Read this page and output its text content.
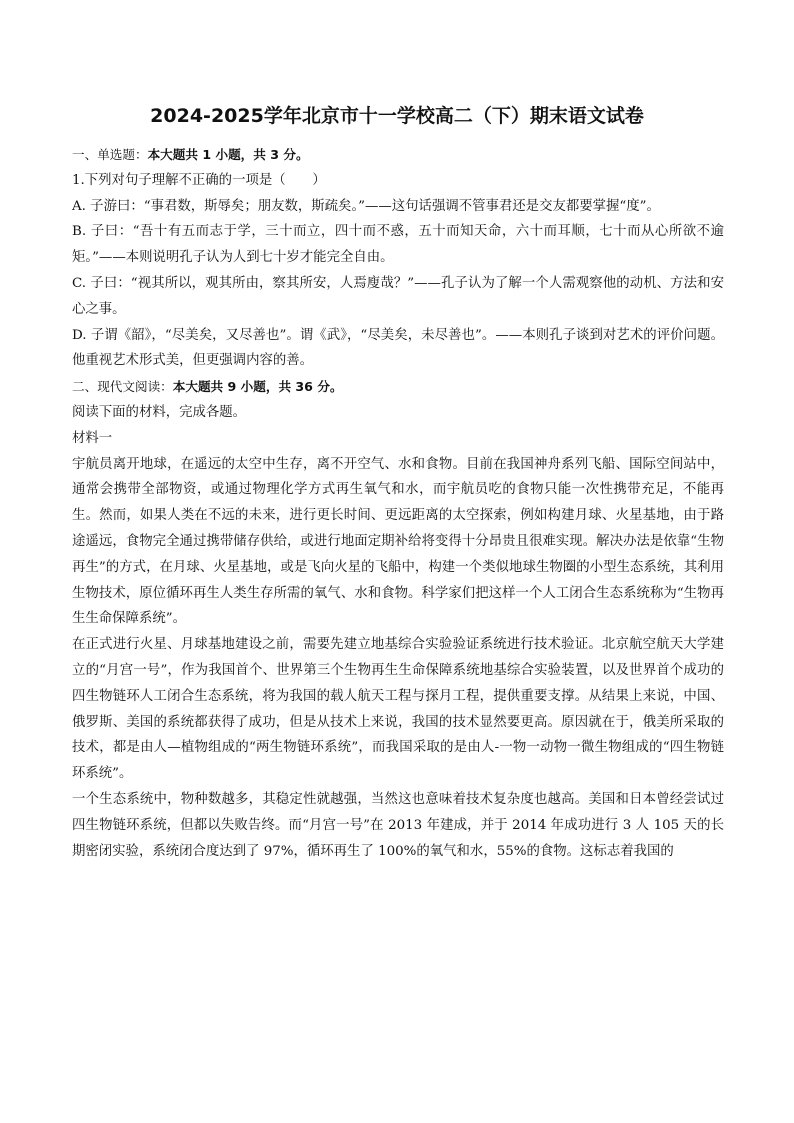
2024-2025学年北京市十一学校高二（下）期末语文试卷

一、单选题：本大题共 1 小题，共 3 分。

1.下列对句子理解不正确的一项是（　　）

A. 子游曰：“事君数，斯辱矣；朋友数，斯疏矣。”——这句话强调不管事君还是交友都要掌握“度”。

B. 子曰：“吾十有五而志于学，三十而立，四十而不惑，五十而知天命，六十而耳顺，七十而从心所欲不逾矩。”——本则说明孔子认为人到七十岁才能完全自由。

C. 子曰：“视其所以，观其所由，察其所安，人焉廋哉？”——孔子认为了解一个人需观察他的动机、方法和安心之事。

D. 子谓《韶》，“尽美矣，又尽善也”。谓《武》，“尽美矣，未尽善也”。——本则孔子谈到对艺术的评价问题。他重视艺术形式美，但更强调内容的善。

二、现代文阅读：本大题共 9 小题，共 36 分。

阅读下面的材料，完成各题。

材料一

宇航员离开地球，在遥远的太空中生存，离不开空气、水和食物。目前在我国神舟系列飞船、国际空间站中，通常会携带全部物资，或通过物理化学方式再生氧气和水，而宇航员吃的食物只能一次性携带充足，不能再生。然而，如果人类在不远的未来，进行更长时间、更远距离的太空探索，例如构建月球、火星基地，由于路途遥远，食物完全通过携带储存供给，或进行地面定期补给将变得十分昂贵且很难实现。解决办法是依靠“生物再生”的方式，在月球、火星基地，或是飞向火星的飞船中，构建一个类似地球生物圈的小型生态系统，其利用生物技术，原位循环再生人类生存所需的氧气、水和食物。科学家们把这样一个人工闭合生态系统称为“生物再生生命保障系统”。

在正式进行火星、月球基地建设之前，需要先建立地基综合实验验证系统进行技术验证。北京航空航天大学建立的“月宫一号”，作为我国首个、世界第三个生物再生生命保障系统地基综合实验装置，以及世界首个成功的四生物链环人工闭合生态系统，将为我国的载人航天工程与探月工程，提供重要支撑。从结果上来说，中国、俄罗斯、美国的系统都获得了成功，但是从技术上来说，我国的技术显然要更高。原因就在于，俄美所采取的技术，都是由人—植物组成的“两生物链环系统”，而我国采取的是由人-一物一动物一微生物组成的“四生物链环系统”。

一个生态系统中，物种数越多，其稳定性就越强，当然这也意味着技术复杂度也越高。美国和日本曾经尝试过四生物链环系统，但都以失败告终。而“月宫一号”在 2013 年建成，并于 2014 年成功进行 3 人 105 天的长期密闭实验，系统闭合度达到了 97%，循环再生了 100%的氧气和水，55%的食物。这标志着我国的
